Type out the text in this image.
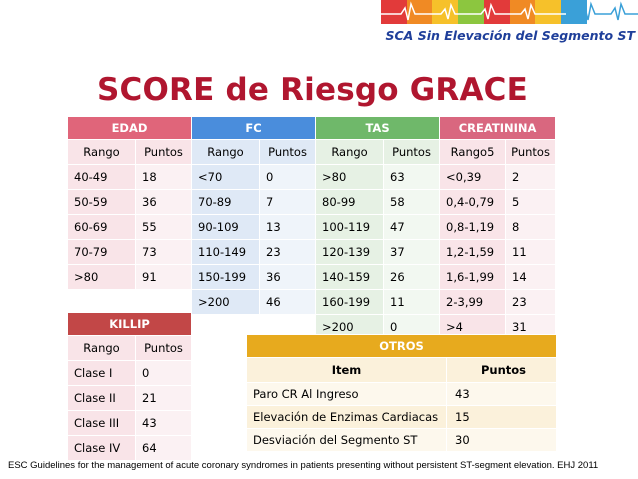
SCA Sin Elevación del Segmento ST
SCORE de Riesgo GRACE
EDAD		FC		TAS		CREATININA	
Rango	Puntos	Rango	Puntos	Rango	Puntos	Rango5	Puntos
40-49	18	<70	0	>80	63	<0,39	2
50-59	36	70-89	7	80-99	58	0,4-0,79	5
60-69	55	90-109	13	100-119	47	0,8-1,19	8
70-79	73	110-149	23	120-139	37	1,2-1,59	11
>80	91	150-199	36	140-159	26	1,6-1,99	14
		>200	46	160-199	11	2-3,99	23
				>200	0	>4	31
KILLIP	
Rango	Puntos
Clase I	0
Clase II	21
Clase III	43
Clase IV	64
OTROS	
Item	Puntos
Paro CR Al Ingreso	43
Elevación de Enzimas Cardiacas	15
Desviación del Segmento ST	30
ESC Guidelines for the management of acute coronary syndromes in patients presenting without persistent ST-segment elevation. EHJ 2011
